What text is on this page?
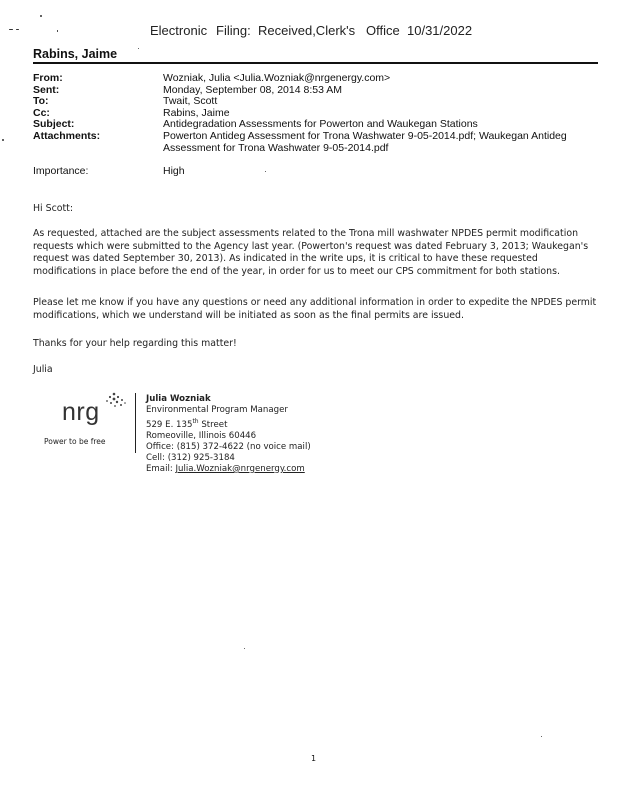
Electronic Filing: Received,Clerk's Office 10/31/2022
Rabins, Jaime
From:	Wozniak, Julia <Julia.Wozniak@nrgenergy.com>
Sent:	Monday, September 08, 2014 8:53 AM
To:	Twait, Scott
Cc:	Rabins, Jaime
Subject:	Antidegradation Assessments for Powerton and Waukegan Stations
Attachments:	Powerton Antideg Assessment for Trona Washwater 9-05-2014.pdf; Waukegan Antideg
Assessment for Trona Washwater 9-05-2014.pdf
Importance:	High

Hi Scott:

As requested, attached are the subject assessments related to the Trona mill washwater NPDES permit modification

requests which were submitted to the Agency last year. (Powerton's request was dated February 3, 2013; Waukegan's

request was dated September 30, 2013). As indicated in the write ups, it is critical to have these requested

modifications in place before the end of the year, in order for us to meet our CPS commitment for both stations.

Please let me know if you have any questions or need any additional information in order to expedite the NPDES permit

modifications, which we understand will be initiated as soon as the final permits are issued.

Thanks for your help regarding this matter!

Julia

nrg
Power to be free
Julia Wozniak
Environmental Program Manager
529 E. 135th Street
Romeoville, Illinois 60446
Office: (815) 372-4622 (no voice mail)
Cell: (312) 925-3184
Email: Julia.Wozniak@nrgenergy.com
1
